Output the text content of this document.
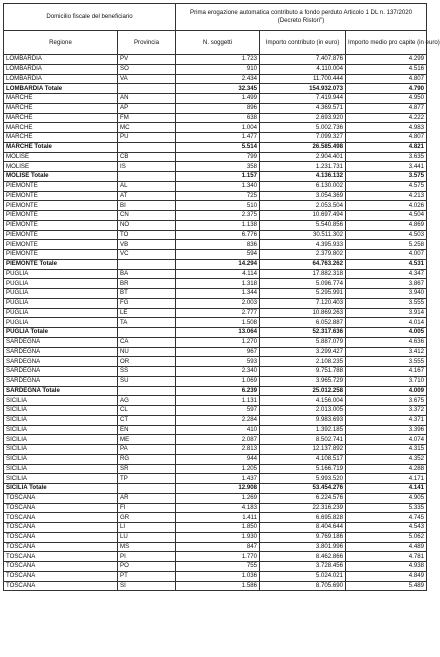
Domicilio fiscale del beneficiario		Prima erogazione automatica contributo a fondo perduto Articolo 1 DL n. 137/2020 (Decreto Ristori")		
Regione	Provincia	N. soggetti	Importo contributo (in euro)	Importo medio pro capite (in euro)
LOMBARDIA	PV	1.723	7.407.876	4.299
LOMBARDIA	SO	910	4.110.004	4.516
LOMBARDIA	VA	2.434	11.700.444	4.807
LOMBARDIA Totale		32.345	154.932.073	4.790
MARCHE	AN	1.499	7.419.944	4.950
MARCHE	AP	896	4.369.571	4.877
MARCHE	FM	638	2.693.920	4.222
MARCHE	MC	1.004	5.002.736	4.983
MARCHE	PU	1.477	7.099.327	4.807
MARCHE Totale		5.514	26.585.498	4.821
MOLISE	CB	799	2.904.401	3.635
MOLISE	IS	358	1.231.731	3.441
MOLISE Totale		1.157	4.136.132	3.575
PIEMONTE	AL	1.340	6.130.002	4.575
PIEMONTE	AT	725	3.054.369	4.213
PIEMONTE	BI	510	2.053.504	4.026
PIEMONTE	CN	2.375	10.697.494	4.504
PIEMONTE	NO	1.138	5.540.856	4.869
PIEMONTE	TO	6.776	30.511.302	4.503
PIEMONTE	VB	836	4.395.933	5.258
PIEMONTE	VC	594	2.379.802	4.007
PIEMONTE Totale		14.294	64.763.262	4.531
PUGLIA	BA	4.114	17.882.318	4.347
PUGLIA	BR	1.318	5.096.774	3.867
PUGLIA	BT	1.344	5.295.991	3.940
PUGLIA	FG	2.003	7.120.403	3.555
PUGLIA	LE	2.777	10.869.263	3.914
PUGLIA	TA	1.508	6.052.887	4.014
PUGLIA Totale		13.064	52.317.636	4.005
SARDEGNA	CA	1.270	5.887.079	4.636
SARDEGNA	NU	967	3.299.427	3.412
SARDEGNA	OR	593	2.108.235	3.555
SARDEGNA	SS	2.340	9.751.788	4.167
SARDEGNA	SU	1.069	3.965.729	3.710
SARDEGNA Totale		6.239	25.012.258	4.009
SICILIA	AG	1.131	4.156.004	3.675
SICILIA	CL	597	2.013.005	3.372
SICILIA	CT	2.284	9.983.693	4.371
SICILIA	EN	410	1.392.185	3.396
SICILIA	ME	2.087	8.502.741	4.074
SICILIA	PA	2.813	12.137.892	4.315
SICILIA	RG	944	4.108.517	4.352
SICILIA	SR	1.205	5.166.719	4.288
SICILIA	TP	1.437	5.993.520	4.171
SICILIA Totale		12.908	53.454.276	4.141
TOSCANA	AR	1.269	6.224.576	4.905
TOSCANA	FI	4.183	22.316.239	5.335
TOSCANA	GR	1.411	6.695.828	4.745
TOSCANA	LI	1.850	8.404.644	4.543
TOSCANA	LU	1.930	9.769.186	5.062
TOSCANA	MS	847	3.801.996	4.489
TOSCANA	PI	1.770	8.462.866	4.781
TOSCANA	PO	755	3.728.456	4.938
TOSCANA	PT	1.036	5.024.021	4.849
TOSCANA	SI	1.586	8.705.690	5.489
